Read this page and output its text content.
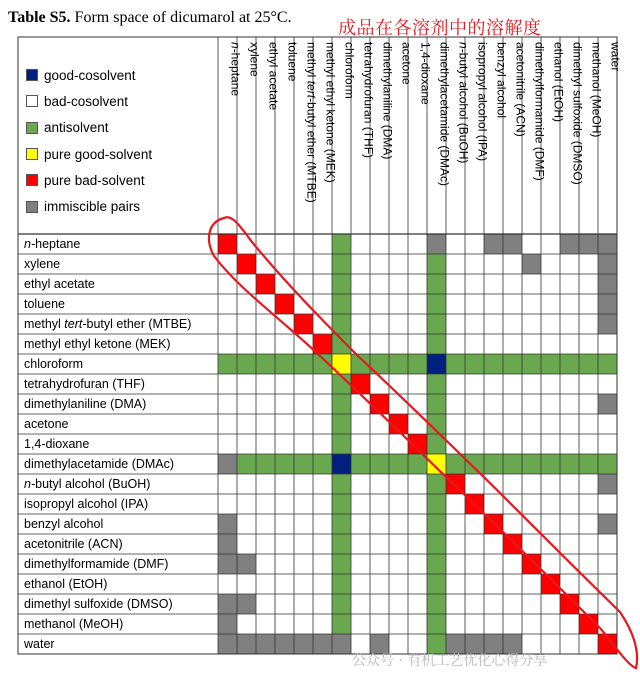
Table S5. Form space of dicumarol at 25°C.
成品在各溶剂中的溶解度
good-cosolvent
bad-cosolvent
antisolvent
pure good-solvent
pure bad-solvent
immiscible pairs
n-heptane
n-heptane
xylene
xylene
ethyl acetate
ethyl acetate
toluene
toluene
methyl tert-butyl ether (MTBE)
methyl tert-butyl ether (MTBE)
methyl ethyl ketone (MEK)
methyl ethyl ketone (MEK)
chloroform
chloroform
tetrahydrofuran (THF)
tetrahydrofuran (THF)
dimethylaniline (DMA)
dimethylaniline (DMA)
acetone
acetone
1,4-dioxane
1,4-dioxane
dimethylacetamide (DMAc)
dimethylacetamide (DMAc)
n-butyl alcohol (BuOH)
n-butyl alcohol (BuOH)
isopropyl alcohol (IPA)
isopropyl alcohol (IPA)
benzyl alcohol
benzyl alcohol
acetonitrile (ACN)
acetonitrile (ACN)
dimethylformamide (DMF)
dimethylformamide (DMF)
ethanol (EtOH)
ethanol (EtOH)
dimethyl sulfoxide (DMSO)
dimethyl sulfoxide (DMSO)
methanol (MeOH)
methanol (MeOH)
water
water
公众号 · 有机工艺优化心得分享
